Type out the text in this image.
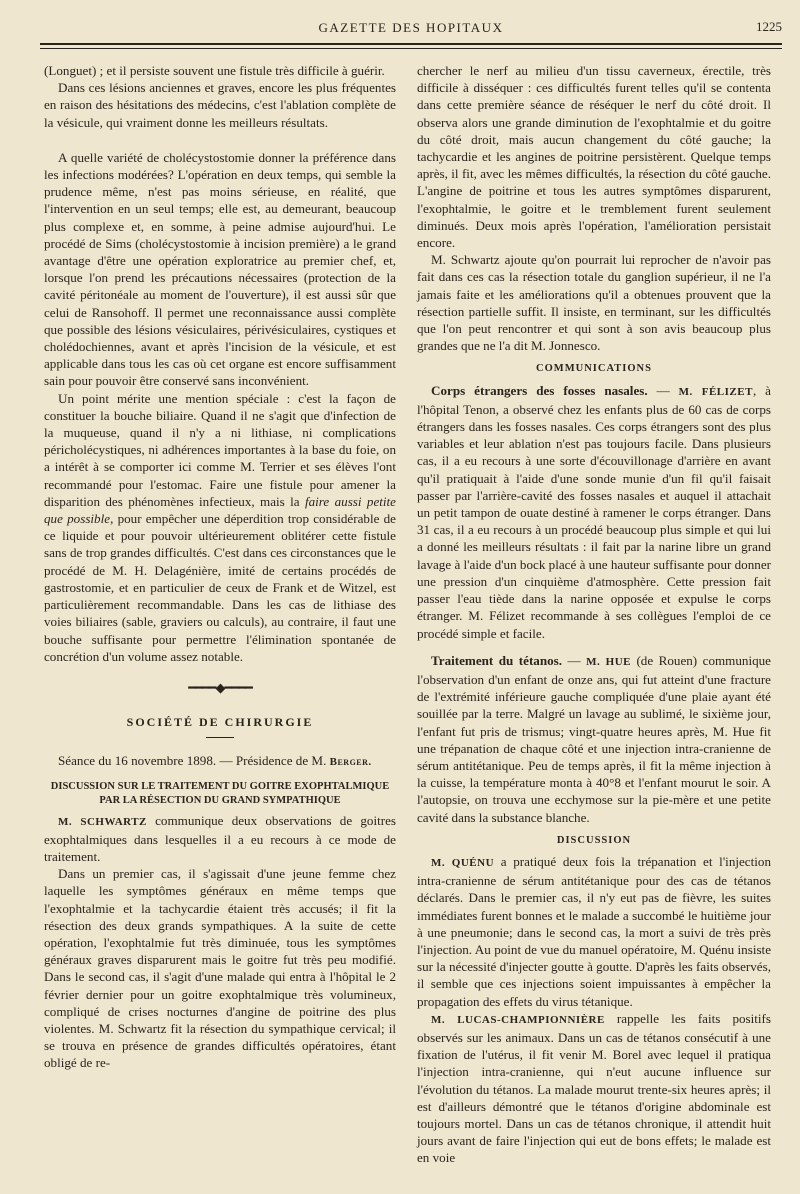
GAZETTE DES HOPITAUX	1225

(Longuet) ; et il persiste souvent une fistule très difficile à guérir.

Dans ces lésions anciennes et graves, encore les plus fréquentes en raison des hésitations des médecins, c'est l'ablation complète de la vésicule, qui vraiment donne les meilleurs résultats.

A quelle variété de cholécystostomie donner la préférence dans les infections modérées? L'opération en deux temps, qui semble la prudence même, n'est pas moins sérieuse, en réalité, que l'intervention en un seul temps; elle est, au demeurant, beaucoup plus complexe et, en somme, à peine admise aujourd'hui. Le procédé de Sims (cholécystostomie à incision première) a le grand avantage d'être une opération exploratrice au premier chef, et, lorsque l'on prend les précautions nécessaires (protection de la cavité péritonéale au moment de l'ouverture), il est aussi sûr que celui de Ransohoff. Il permet une reconnaissance aussi complète que possible des lésions vésiculaires, périvésiculaires, cystiques et cholédochiennes, avant et après l'incision de la vésicule, et est applicable dans tous les cas où cet organe est encore suffisamment sain pour pouvoir être conservé sans inconvénient.

Un point mérite une mention spéciale : c'est la façon de constituer la bouche biliaire. Quand il ne s'agit que d'infection de la muqueuse, quand il n'y a ni lithiase, ni complications péricholécystiques, ni adhérences importantes à la base du foie, on a intérêt à se comporter ici comme M. Terrier et ses élèves l'ont recommandé pour l'estomac. Faire une fistule pour amener la disparition des phénomènes infectieux, mais la faire aussi petite que possible, pour empêcher une déperdition trop considérable de ce liquide et pour pouvoir ultérieurement oblitérer cette fistule sans de trop grandes difficultés. C'est dans ces circonstances que le procédé de M. H. Delagénière, imité de certains procédés de gastrostomie, et en particulier de ceux de Frank et de Witzel, est particulièrement recommandable. Dans les cas de lithiase des voies biliaires (sable, graviers ou calculs), au contraire, il faut une bouche suffisante pour permettre l'élimination spontanée de concrétion d'un volume assez notable.

━━━━◆━━━━
SOCIÉTÉ DE CHIRURGIE

Séance du 16 novembre 1898. — Présidence de M. Berger.

DISCUSSION SUR LE TRAITEMENT DU GOITRE EXOPHTALMIQUE PAR LA RÉSECTION DU GRAND SYMPATHIQUE

M. SCHWARTZ communique deux observations de goitres exophtalmiques dans lesquelles il a eu recours à ce mode de traitement.

Dans un premier cas, il s'agissait d'une jeune femme chez laquelle les symptômes généraux en même temps que l'exophtalmie et la tachycardie étaient très accusés; il fit la résection des deux grands sympathiques. A la suite de cette opération, l'exophtalmie fut très diminuée, tous les symptômes généraux graves disparurent mais le goitre fut très peu modifié. Dans le second cas, il s'agit d'une malade qui entra à l'hôpital le 2 février dernier pour un goitre exophtalmique très volumineux, compliqué de crises nocturnes d'angine de poitrine des plus violentes. M. Schwartz fit la résection du sympathique cervical; il se trouva en présence de grandes difficultés opératoires, étant obligé de re-

chercher le nerf au milieu d'un tissu caverneux, érectile, très difficile à disséquer : ces difficultés furent telles qu'il se contenta dans cette première séance de réséquer le nerf du côté droit. Il observa alors une grande diminution de l'exophtalmie et du goitre du côté droit, mais aucun changement du côté gauche; la tachycardie et les angines de poitrine persistèrent. Quelque temps après, il fit, avec les mêmes difficultés, la résection du côté gauche. L'angine de poitrine et tous les autres symptômes disparurent, l'exophtalmie, le goitre et le tremblement furent seulement diminués. Deux mois après l'opération, l'amélioration persistait encore.

M. Schwartz ajoute qu'on pourrait lui reprocher de n'avoir pas fait dans ces cas la résection totale du ganglion supérieur, il ne l'a jamais faite et les améliorations qu'il a obtenues prouvent que la résection partielle suffit. Il insiste, en terminant, sur les difficultés que l'on peut rencontrer et qui sont à son avis beaucoup plus grandes que ne l'a dit M. Jonnesco.

COMMUNICATIONS

Corps étrangers des fosses nasales. — M. FÉLIZET, à l'hôpital Tenon, a observé chez les enfants plus de 60 cas de corps étrangers dans les fosses nasales. Ces corps étrangers sont des plus variables et leur ablation n'est pas toujours facile. Dans plusieurs cas, il a eu recours à une sorte d'écouvillonage d'arrière en avant qu'il pratiquait à l'aide d'une sonde munie d'un fil qu'il faisait passer par l'arrière-cavité des fosses nasales et auquel il attachait un petit tampon de ouate destiné à ramener le corps étranger. Dans 31 cas, il a eu recours à un procédé beaucoup plus simple et qui lui a donné les meilleurs résultats : il fait par la narine libre un grand lavage à l'aide d'un bock placé à une hauteur suffisante pour donner une pression d'un cinquième d'atmosphère. Cette pression fait passer l'eau tiède dans la narine opposée et expulse le corps étranger. M. Félizet recommande à ses collègues l'emploi de ce procédé simple et facile.

Traitement du tétanos. — M. HUE (de Rouen) communique l'observation d'un enfant de onze ans, qui fut atteint d'une fracture de l'extrémité inférieure gauche compliquée d'une plaie ayant été souillée par la terre. Malgré un lavage au sublimé, le sixième jour, l'enfant fut pris de trismus; vingt-quatre heures après, M. Hue fit une trépanation de chaque côté et une injection intra-cranienne de sérum antitétanique. Peu de temps après, il fit la même injection à la cuisse, la température monta à 40°8 et l'enfant mourut le soir. A l'autopsie, on trouva une ecchymose sur la pie-mère et une petite cavité dans la substance blanche.

DISCUSSION

M. QUÉNU a pratiqué deux fois la trépanation et l'injection intra-cranienne de sérum antitétanique pour des cas de tétanos déclarés. Dans le premier cas, il n'y eut pas de fièvre, les suites immédiates furent bonnes et le malade a succombé le huitième jour à une pneumonie; dans le second cas, la mort a suivi de très près l'injection. Au point de vue du manuel opératoire, M. Quénu insiste sur la nécessité d'injecter goutte à goutte. D'après les faits observés, il semble que ces injections soient impuissantes à empêcher la propagation des effets du virus tétanique.

M. LUCAS-CHAMPIONNIÈRE rappelle les faits positifs observés sur les animaux. Dans un cas de tétanos consécutif à une fixation de l'utérus, il fit venir M. Borel avec lequel il pratiqua l'injection intra-cranienne, qui n'eut aucune influence sur l'évolution du tétanos. La malade mourut trente-six heures après; il est d'ailleurs démontré que le tétanos d'origine abdominale est toujours mortel. Dans un cas de tétanos chronique, il attendit huit jours avant de faire l'injection qui eut de bons effets; le malade est en voie
